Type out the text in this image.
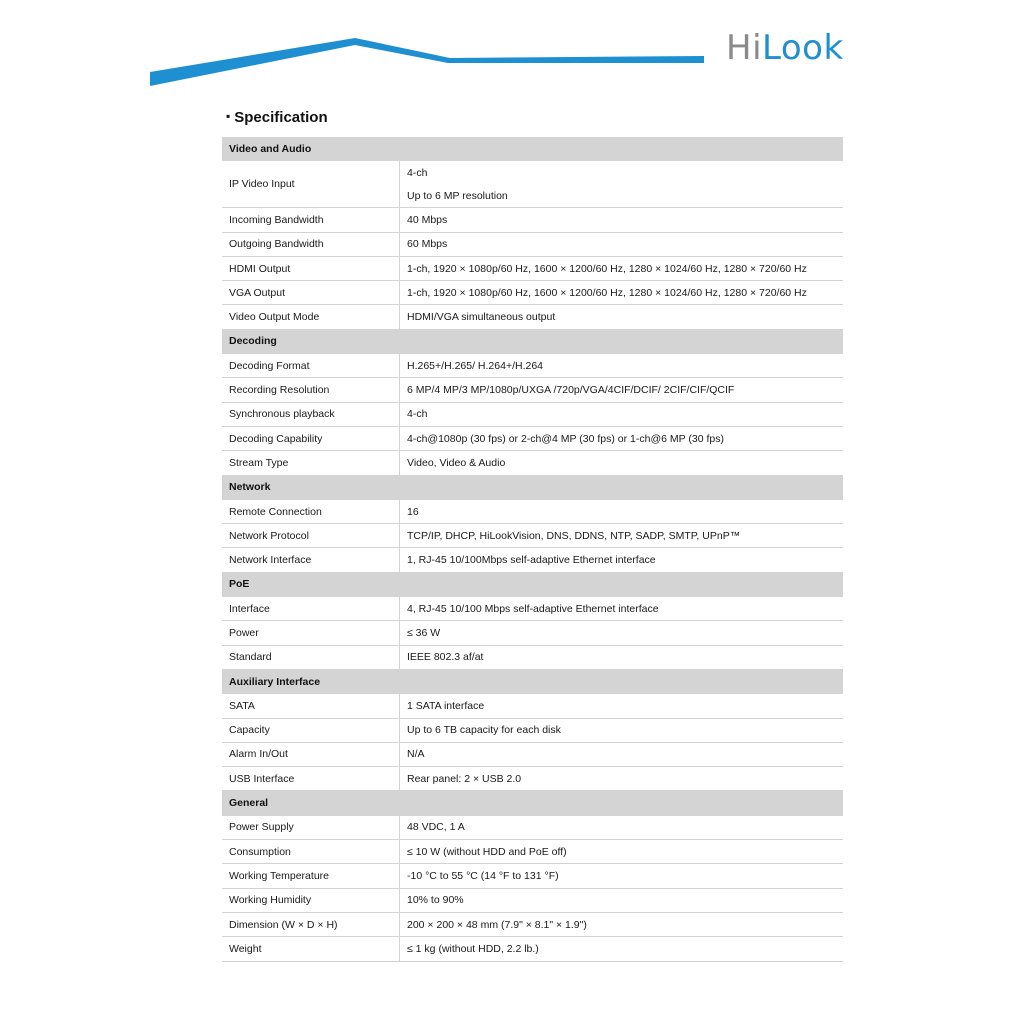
HiLook
▪ Specification
Video and Audio	
IP Video Input	4-ch
Up to 6 MP resolution

Incoming Bandwidth	40 Mbps
Outgoing Bandwidth	60 Mbps
HDMI Output	1-ch, 1920 × 1080p/60 Hz, 1600 × 1200/60 Hz, 1280 × 1024/60 Hz, 1280 × 720/60 Hz
VGA Output	1-ch, 1920 × 1080p/60 Hz, 1600 × 1200/60 Hz, 1280 × 1024/60 Hz, 1280 × 720/60 Hz
Video Output Mode	HDMI/VGA simultaneous output
Decoding	
Decoding Format	H.265+/H.265/ H.264+/H.264
Recording Resolution	6 MP/4 MP/3 MP/1080p/UXGA /720p/VGA/4CIF/DCIF/ 2CIF/CIF/QCIF
Synchronous playback	4-ch
Decoding Capability	4-ch@1080p (30 fps) or 2-ch@4 MP (30 fps) or 1-ch@6 MP (30 fps)
Stream Type	Video, Video & Audio
Network	
Remote Connection	16
Network Protocol	TCP/IP, DHCP, HiLookVision, DNS, DDNS, NTP, SADP, SMTP, UPnP™
Network Interface	1, RJ-45 10/100Mbps self-adaptive Ethernet interface
PoE	
Interface	4, RJ-45 10/100 Mbps self-adaptive Ethernet interface
Power	≤ 36 W
Standard	IEEE 802.3 af/at
Auxiliary Interface	
SATA	1 SATA interface
Capacity	Up to 6 TB capacity for each disk
Alarm In/Out	N/A
USB Interface	Rear panel: 2 × USB 2.0
General	
Power Supply	48 VDC, 1 A
Consumption	≤ 10 W (without HDD and PoE off)
Working Temperature	-10 °C to 55 °C (14 °F to 131 °F)
Working Humidity	10% to 90%
Dimension (W × D × H)	200 × 200 × 48 mm (7.9" × 8.1" × 1.9")
Weight	≤ 1 kg (without HDD, 2.2 lb.)
